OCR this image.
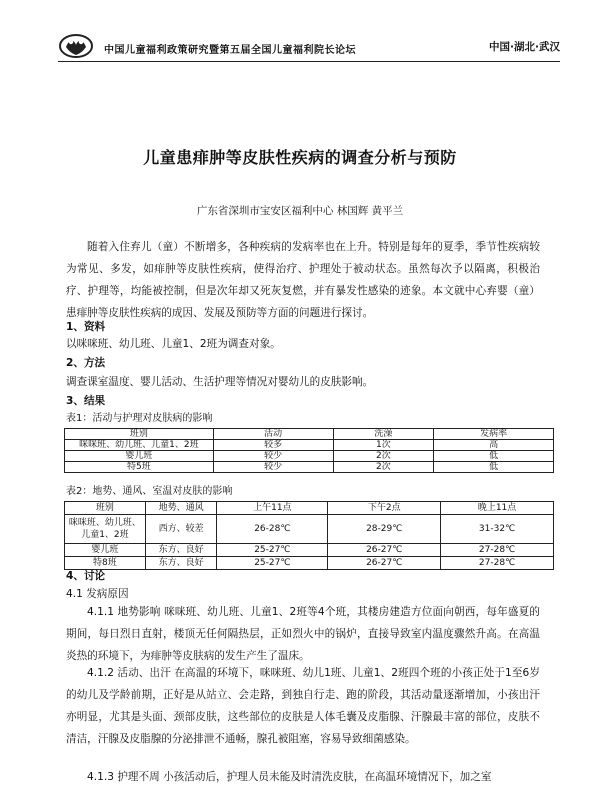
中国儿童福利政策研究暨第五届全国儿童福利院长论坛	中国·湖北·武汉
儿童患痱肿等皮肤性疾病的调查分析与预防
广东省深圳市宝安区福利中心 林国辉 黄平兰
随着入住弃儿（童）不断增多，各种疾病的发病率也在上升。特别是每年的夏季，季节性疾病较为常见、多发，如痱肿等皮肤性疾病，使得治疗、护理处于被动状态。虽然每次予以隔离，积极治疗、护理等，均能被控制，但是次年却又死灰复燃，并有暴发性感染的迹象。本文就中心弃婴（童）患痱肿等皮肤性疾病的成因、发展及预防等方面的问题进行探讨。
1、资料
以咪咪班、幼儿班、儿童1、2班为调查对象。
2、方法
调查课室温度、婴儿活动、生活护理等情况对婴幼儿的皮肤影响。
3、结果
表1：活动与护理对皮肤病的影响
班别	活动	洗澡	发病率
咪咪班、幼儿班、儿童1、2班	较多	1次	高
婴儿班	较少	2次	低
特5班	较少	2次	低
表2：地势、通风、室温对皮肤的影响
班别	地势、通风	上午11点	下午2点	晚上11点
咪咪班、幼儿班、儿童1、2班	西方、较差	26-28℃	28-29℃	31-32℃
婴儿班	东方、良好	25-27℃	26-27℃	27-28℃
特8班	东方、良好	25-27℃	26-27℃	27-28℃
4、讨论
4.1 发病原因
4.1.1 地势影响 咪咪班、幼儿班、儿童1、2班等4个班，其楼房建造方位面向朝西，每年盛夏的期间，每日烈日直射，楼顶无任何隔热层，正如烈火中的锅炉，直接导致室内温度骤然升高。在高温炎热的环境下，为痱肿等皮肤病的发生产生了温床。
4.1.2 活动、出汗 在高温的环境下，咪咪班、幼儿1班、儿童1、2班四个班的小孩正处于1至6岁的幼儿及学龄前期，正好是从站立、会走路，到独自行走、跑的阶段，其活动量逐渐增加，小孩出汗亦明显，尤其是头面、颈部皮肤，这些部位的皮肤是人体毛囊及皮脂腺、汗腺最丰富的部位，皮肤不清洁，汗腺及皮脂腺的分泌排泄不通畅，腺孔被阻塞，容易导致细菌感染。
4.1.3 护理不周 小孩活动后，护理人员未能及时清洗皮肤，在高温环境情况下，加之室
